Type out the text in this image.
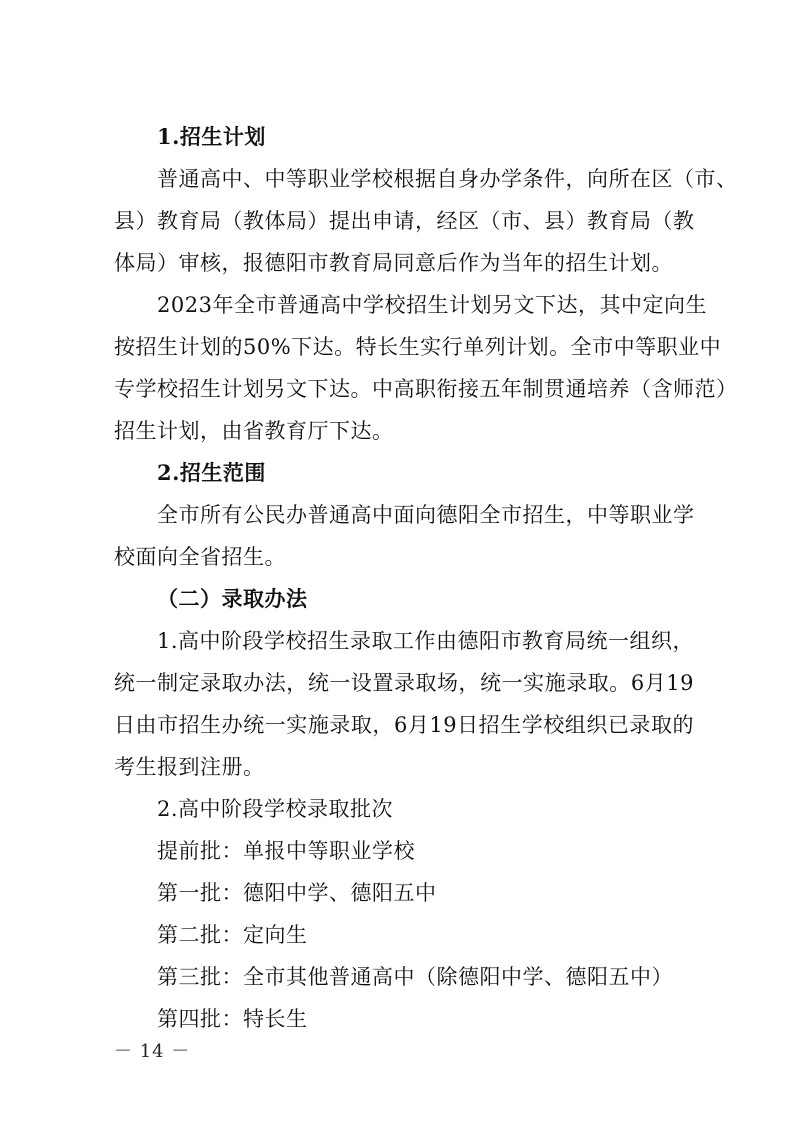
1.招生计划
普通高中、中等职业学校根据自身办学条件，向所在区（市、
县）教育局（教体局）提出申请，经区（市、县）教育局（教
体局）审核，报德阳市教育局同意后作为当年的招生计划。
2023年全市普通高中学校招生计划另文下达，其中定向生
按招生计划的50%下达。特长生实行单列计划。全市中等职业中
专学校招生计划另文下达。中高职衔接五年制贯通培养（含师范）
招生计划，由省教育厅下达。
2.招生范围
全市所有公民办普通高中面向德阳全市招生，中等职业学
校面向全省招生。
（二）录取办法
1.高中阶段学校招生录取工作由德阳市教育局统一组织，
统一制定录取办法，统一设置录取场，统一实施录取。6月19
日由市招生办统一实施录取，6月19日招生学校组织已录取的
考生报到注册。
2.高中阶段学校录取批次
提前批：单报中等职业学校
第一批：德阳中学、德阳五中
第二批：定向生
第三批：全市其他普通高中（除德阳中学、德阳五中）
第四批：特长生
－ 14 －
